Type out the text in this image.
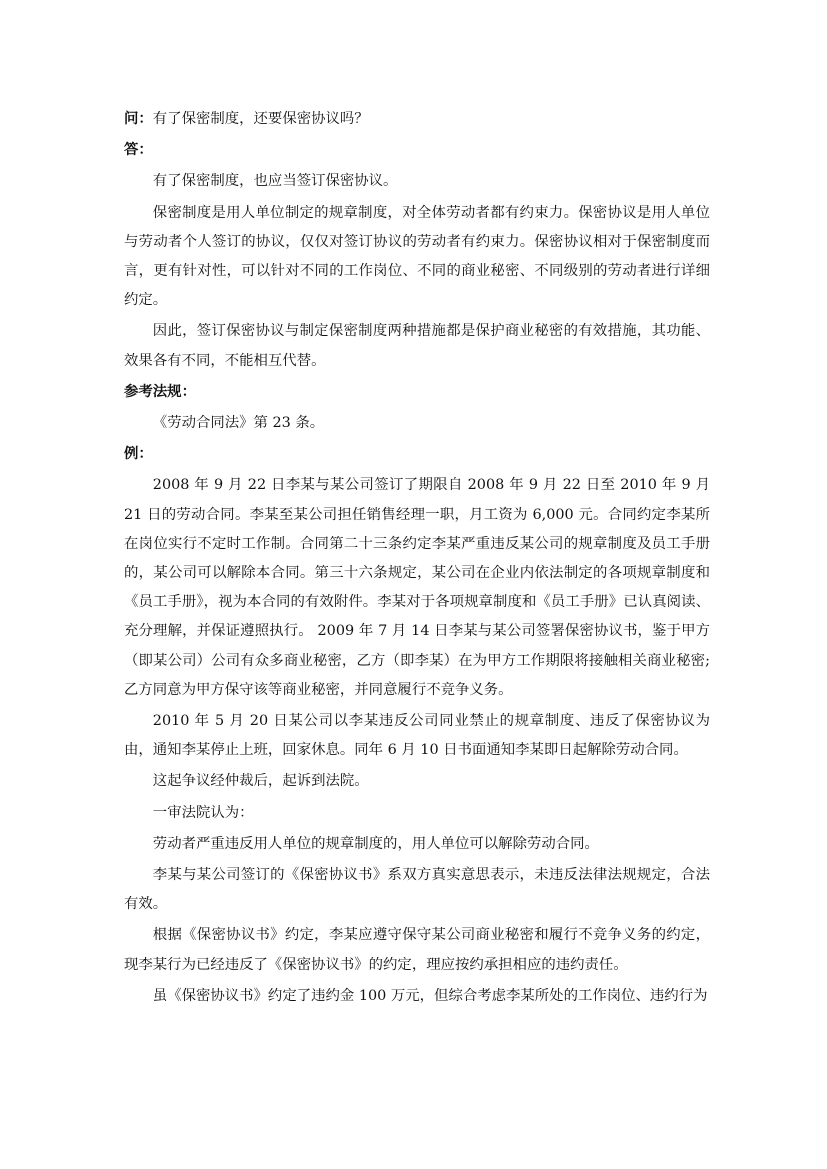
问：有了保密制度，还要保密协议吗？

答：

有了保密制度，也应当签订保密协议。

保密制度是用人单位制定的规章制度，对全体劳动者都有约束力。保密协议是用人单位与劳动者个人签订的协议，仅仅对签订协议的劳动者有约束力。保密协议相对于保密制度而言，更有针对性，可以针对不同的工作岗位、不同的商业秘密、不同级别的劳动者进行详细约定。

因此，签订保密协议与制定保密制度两种措施都是保护商业秘密的有效措施，其功能、效果各有不同，不能相互代替。

参考法规：

《劳动合同法》第 23 条。

例：

2008 年 9 月 22 日李某与某公司签订了期限自 2008 年 9 月 22 日至 2010 年 9 月 21 日的劳动合同。李某至某公司担任销售经理一职，月工资为 6,000 元。合同约定李某所在岗位实行不定时工作制。合同第二十三条约定李某严重违反某公司的规章制度及员工手册的，某公司可以解除本合同。第三十六条规定，某公司在企业内依法制定的各项规章制度和《员工手册》，视为本合同的有效附件。李某对于各项规章制度和《员工手册》已认真阅读、充分理解，并保证遵照执行。 2009 年 7 月 14 日李某与某公司签署保密协议书，鉴于甲方（即某公司）公司有众多商业秘密，乙方（即李某）在为甲方工作期限将接触相关商业秘密; 乙方同意为甲方保守该等商业秘密，并同意履行不竞争义务。

2010 年 5 月 20 日某公司以李某违反公司同业禁止的规章制度、违反了保密协议为由，通知李某停止上班，回家休息。同年 6 月 10 日书面通知李某即日起解除劳动合同。

这起争议经仲裁后，起诉到法院。

一审法院认为：

劳动者严重违反用人单位的规章制度的，用人单位可以解除劳动合同。

李某与某公司签订的《保密协议书》系双方真实意思表示，未违反法律法规规定，合法有效。

根据《保密协议书》约定，李某应遵守保守某公司商业秘密和履行不竞争义务的约定，现李某行为已经违反了《保密协议书》的约定，理应按约承担相应的违约责任。

虽《保密协议书》约定了违约金 100 万元，但综合考虑李某所处的工作岗位、违约行为
